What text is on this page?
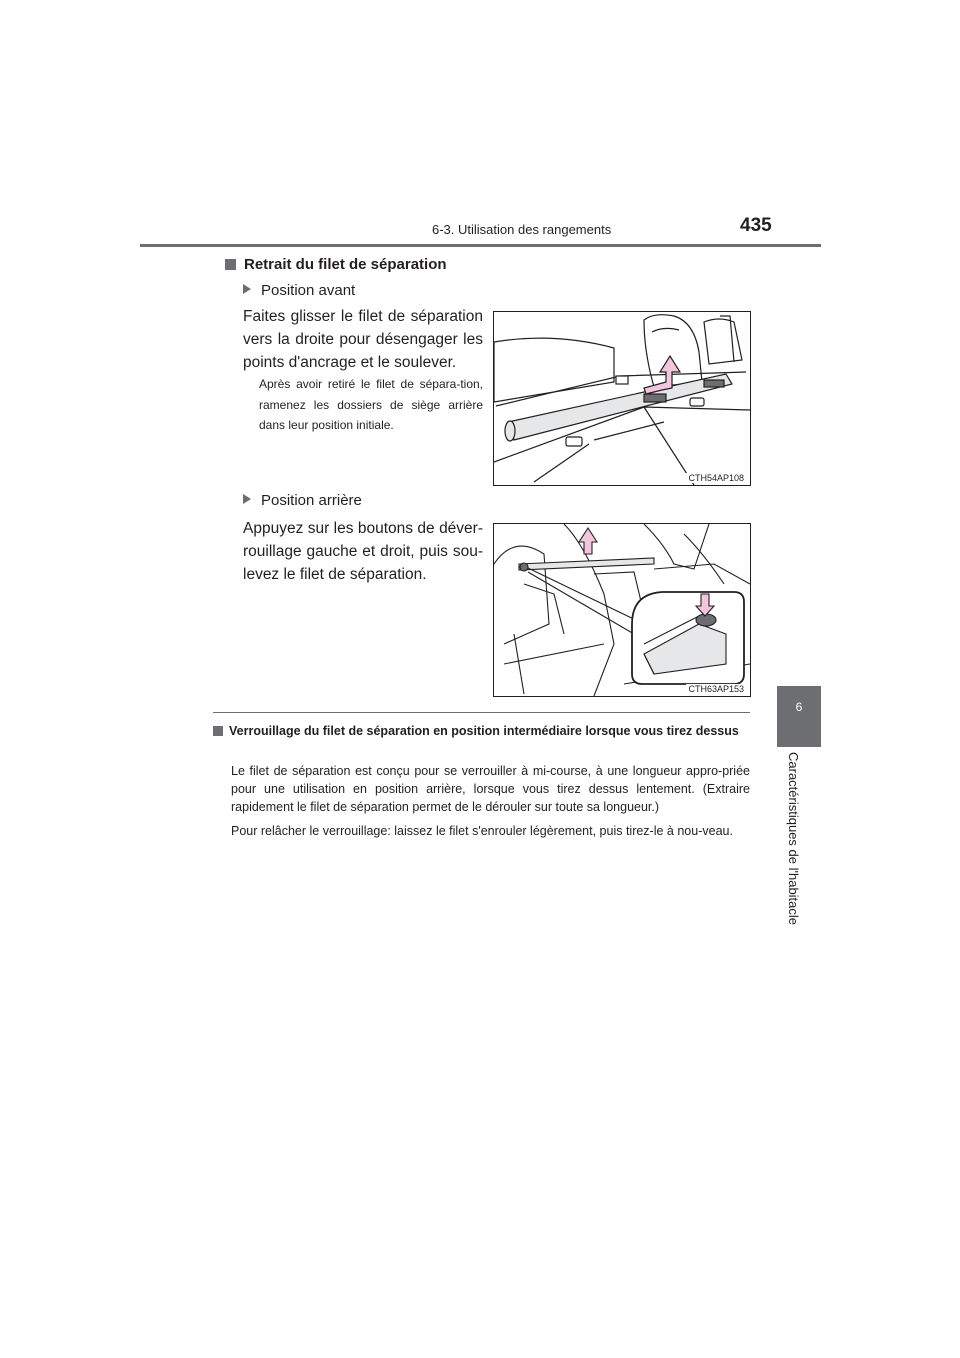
6-3. Utilisation des rangements	435
6
Caractéristiques de l'habitacle
Retrait du filet de séparation
Position avant
Faites glisser le filet de séparation vers la droite pour désengager les points d'ancrage et le soulever.
Après avoir retiré le filet de sépara-tion, ramenez les dossiers de siège arrière dans leur position initiale.
CTH54AP108
Position arrière
Appuyez sur les boutons de déver-rouillage gauche et droit, puis sou-levez le filet de séparation.
CTH63AP153
Verrouillage du filet de séparation en position intermédiaire lorsque vous tirez dessus
Le filet de séparation est conçu pour se verrouiller à mi-course, à une longueur appro-priée pour une utilisation en position arrière, lorsque vous tirez dessus lentement. (Extraire rapidement le filet de séparation permet de le dérouler sur toute sa longueur.)
Pour relâcher le verrouillage: laissez le filet s'enrouler légèrement, puis tirez-le à nou-veau.
